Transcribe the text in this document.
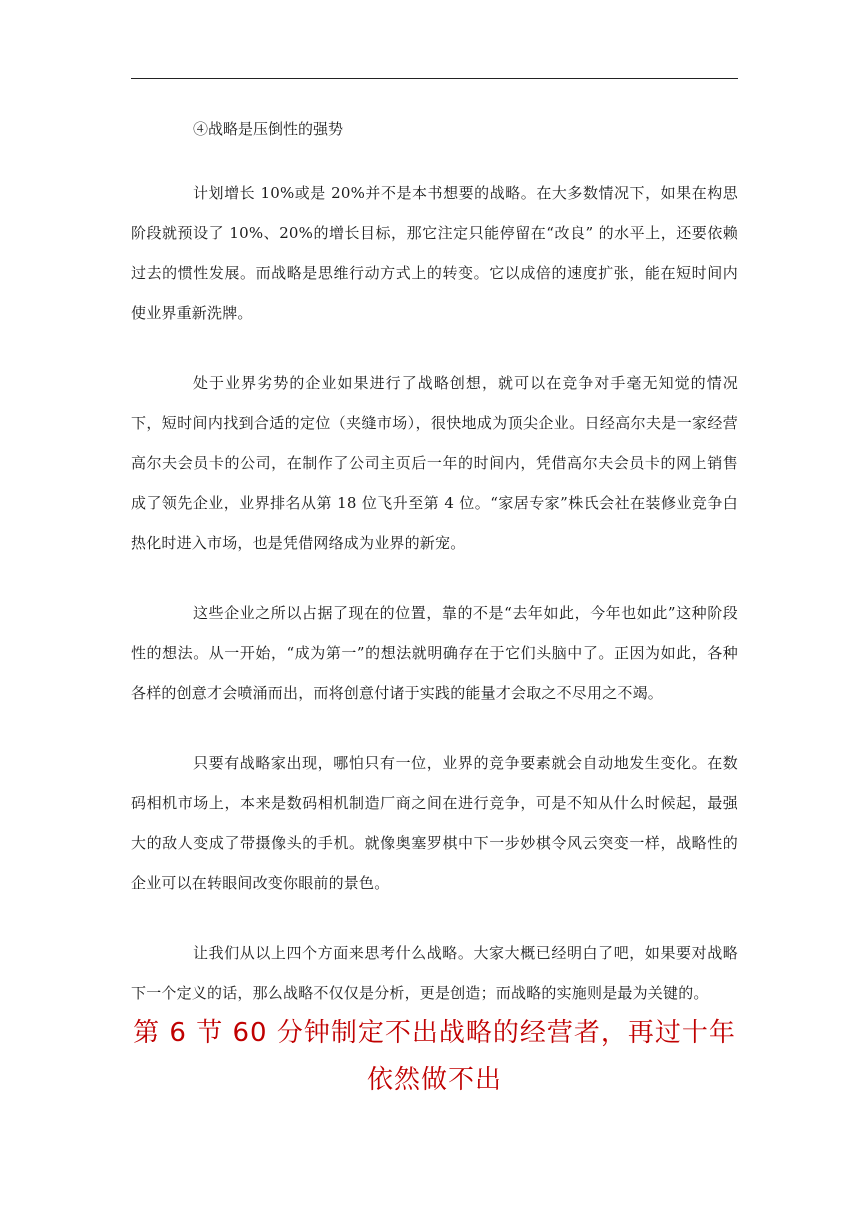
④战略是压倒性的强势

计划增长 10%或是 20%并不是本书想要的战略。在大多数情况下，如果在构思阶段就预设了 10%、20%的增长目标，那它注定只能停留在“改良” 的水平上，还要依赖过去的惯性发展。而战略是思维行动方式上的转变。它以成倍的速度扩张，能在短时间内使业界重新洗牌。

处于业界劣势的企业如果进行了战略创想，就可以在竞争对手毫无知觉的情况下，短时间内找到合适的定位（夹缝市场），很快地成为顶尖企业。日经高尔夫是一家经营高尔夫会员卡的公司，在制作了公司主页后一年的时间内，凭借高尔夫会员卡的网上销售成了领先企业，业界排名从第 18 位飞升至第 4 位。“家居专家”株氏会社在装修业竞争白热化时进入市场，也是凭借网络成为业界的新宠。

这些企业之所以占据了现在的位置，靠的不是“去年如此，今年也如此”这种阶段性的想法。从一开始，“成为第一”的想法就明确存在于它们头脑中了。正因为如此，各种各样的创意才会喷涌而出，而将创意付诸于实践的能量才会取之不尽用之不竭。

只要有战略家出现，哪怕只有一位，业界的竞争要素就会自动地发生变化。在数码相机市场上，本来是数码相机制造厂商之间在进行竞争，可是不知从什么时候起，最强大的敌人变成了带摄像头的手机。就像奥塞罗棋中下一步妙棋令风云突变一样，战略性的企业可以在转眼间改变你眼前的景色。

让我们从以上四个方面来思考什么战略。大家大概已经明白了吧，如果要对战略下一个定义的话，那么战略不仅仅是分析，更是创造；而战略的实施则是最为关键的。

第 6 节 60 分钟制定不出战略的经营者，再过十年依然做不出
